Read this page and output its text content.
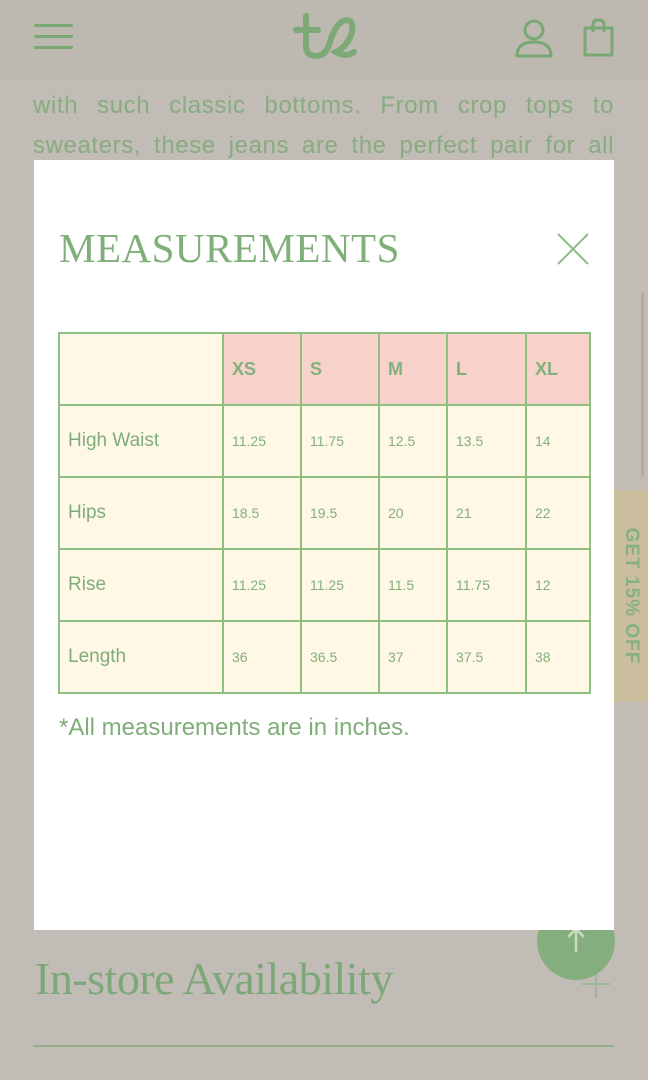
with such classic bottoms. From crop tops to
sweaters, these jeans are the perfect pair for all
GET 15% OFF
In-store Availability
MEASUREMENTS
	XS	S	M	L	XL
High Waist	11.25	11.75	12.5	13.5	14
Hips	18.5	19.5	20	21	22
Rise	11.25	11.25	11.5	11.75	12
Length	36	36.5	37	37.5	38
*All measurements are in inches.
